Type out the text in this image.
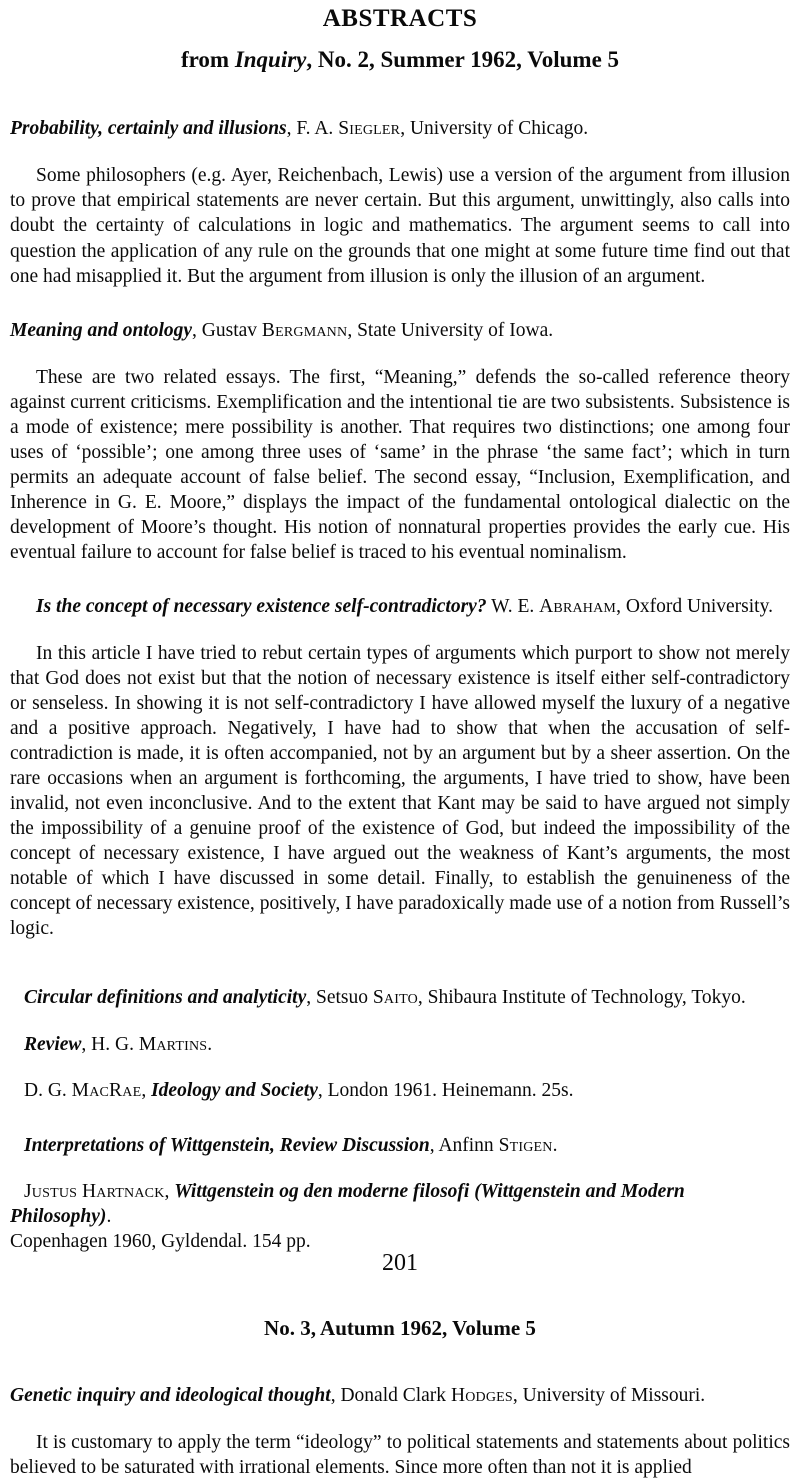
ABSTRACTS
from Inquiry, No. 2, Summer 1962, Volume 5

Probability, certainly and illusions, F. A. Siegler, University of Chicago.

Some philosophers (e.g. Ayer, Reichenbach, Lewis) use a version of the argument from illusion to prove that empirical statements are never certain. But this argument, unwittingly, also calls into doubt the certainty of calculations in logic and mathematics. The argument seems to call into question the application of any rule on the grounds that one might at some future time find out that one had misapplied it. But the argument from illusion is only the illusion of an argument.

Meaning and ontology, Gustav Bergmann, State University of Iowa.

These are two related essays. The first, “Meaning,” defends the so-called reference theory against current criticisms. Exemplification and the intentional tie are two subsistents. Subsistence is a mode of existence; mere possibility is another. That requires two distinctions; one among four uses of ‘possible’; one among three uses of ‘same’ in the phrase ‘the same fact’; which in turn permits an adequate account of false belief. The second essay, “Inclusion, Exemplification, and Inherence in G. E. Moore,” displays the impact of the fundamental ontological dialectic on the development of Moore’s thought. His notion of nonnatural properties provides the early cue. His eventual failure to account for false belief is traced to his eventual nominalism.

Is the concept of necessary existence self-contradictory? W. E. Abraham, Oxford University.

In this article I have tried to rebut certain types of arguments which purport to show not merely that God does not exist but that the notion of necessary existence is itself either self-contradictory or senseless. In showing it is not self-contradictory I have allowed myself the luxury of a negative and a positive approach. Negatively, I have had to show that when the accusation of self-contradiction is made, it is often accompanied, not by an argument but by a sheer assertion. On the rare occasions when an argument is forthcoming, the arguments, I have tried to show, have been invalid, not even inconclusive. And to the extent that Kant may be said to have argued not simply the impossibility of a genuine proof of the existence of God, but indeed the impossibility of the concept of necessary existence, I have argued out the weakness of Kant’s arguments, the most notable of which I have discussed in some detail. Finally, to establish the genuineness of the concept of necessary existence, positively, I have paradoxically made use of a notion from Russell’s logic.

Circular definitions and analyticity, Setsuo Saito, Shibaura Institute of Technology, Tokyo.

Review, H. G. Martins.

D. G. MacRae, Ideology and Society, London 1961. Heinemann. 25s.

Interpretations of Wittgenstein, Review Discussion, Anfinn Stigen.

Justus Hartnack, Wittgenstein og den moderne filosofi (Wittgenstein and Modern Philosophy).

Copenhagen 1960, Gyldendal. 154 pp.

No. 3, Autumn 1962, Volume 5

Genetic inquiry and ideological thought, Donald Clark Hodges, University of Missouri.

It is customary to apply the term “ideology” to political statements and statements about politics believed to be saturated with irrational elements. Since more often than not it is applied

201
